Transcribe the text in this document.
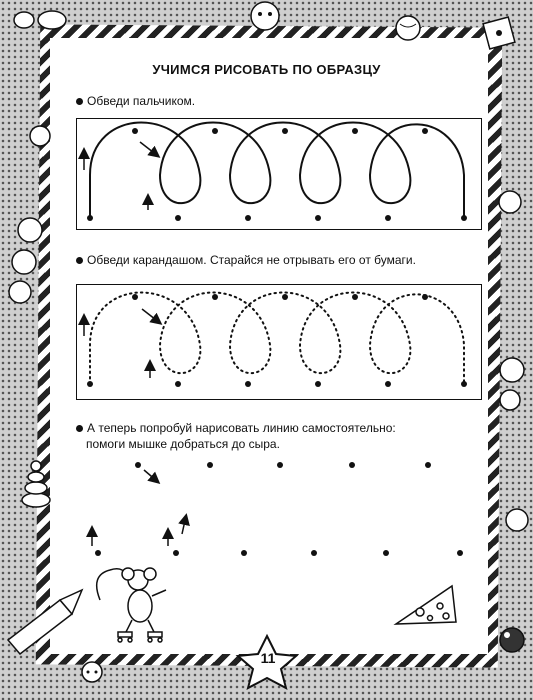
УЧИМСЯ РИСОВАТЬ ПО ОБРАЗЦУ
Обведи пальчиком.
Обведи карандашом. Старайся не отрывать его от бумаги.
А теперь попробуй нарисовать линию самостоятельно:
помоги мышке добраться до сыра.
11
